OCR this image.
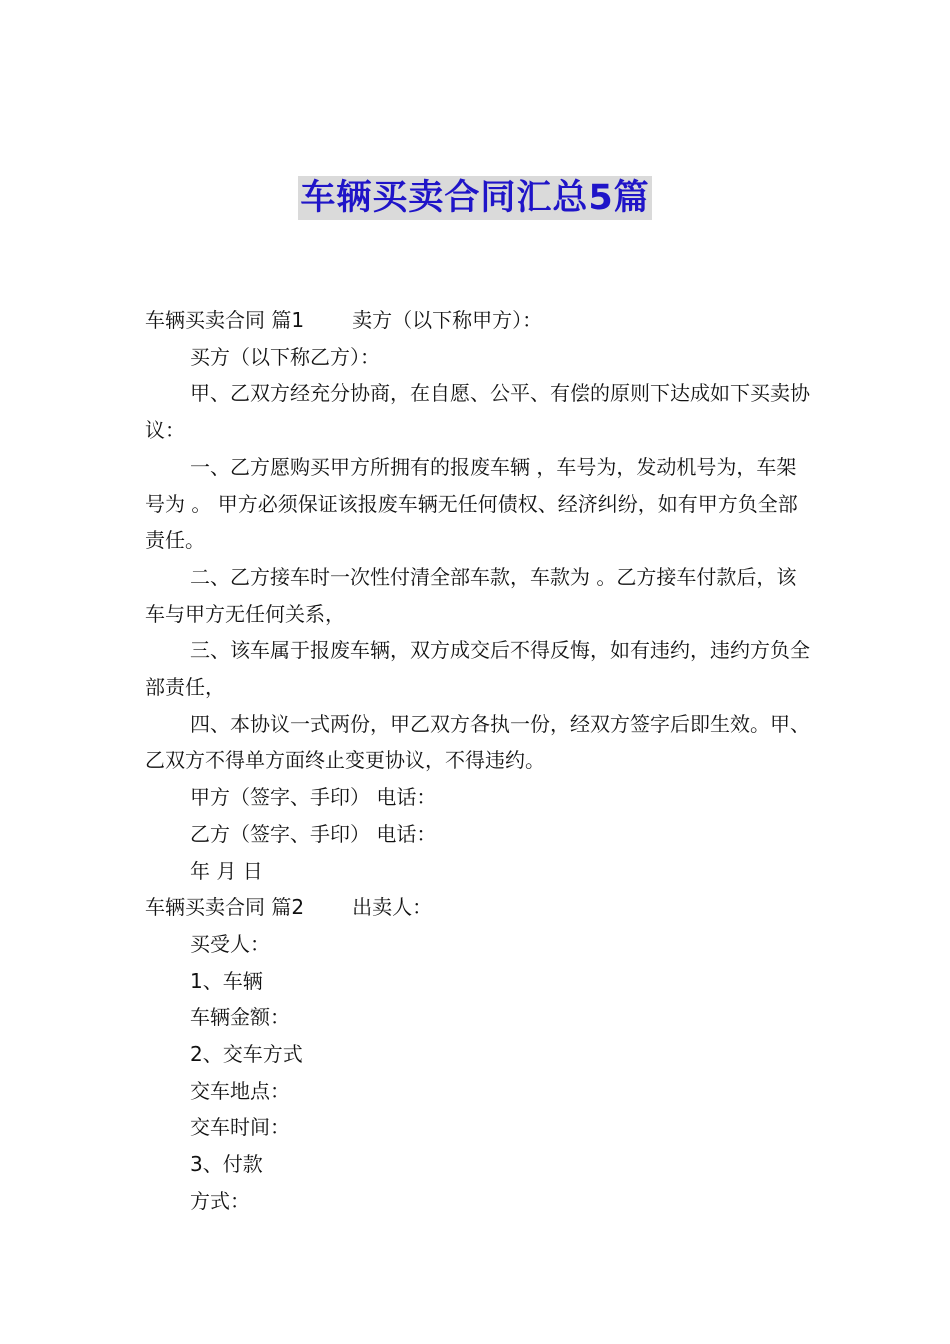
车辆买卖合同汇总5篇

车辆买卖合同 篇1 卖方（以下称甲方）：

买方（以下称乙方）：

甲、乙双方经充分协商，在自愿、公平、有偿的原则下达成如下买卖协议：

一、乙方愿购买甲方所拥有的报废车辆 ，车号为，发动机号为，车架号为 。 甲方必须保证该报废车辆无任何债权、经济纠纷，如有甲方负全部责任。

二、乙方接车时一次性付清全部车款，车款为 。乙方接车付款后，该车与甲方无任何关系，

三、该车属于报废车辆，双方成交后不得反悔，如有违约，违约方负全部责任，

四、本协议一式两份，甲乙双方各执一份，经双方签字后即生效。甲、乙双方不得单方面终止变更协议，不得违约。

甲方（签字、手印） 电话：

乙方（签字、手印） 电话：

年 月 日

车辆买卖合同 篇2 出卖人：

买受人：

1、车辆

车辆金额：

2、交车方式

交车地点：

交车时间：

3、付款

方式：
